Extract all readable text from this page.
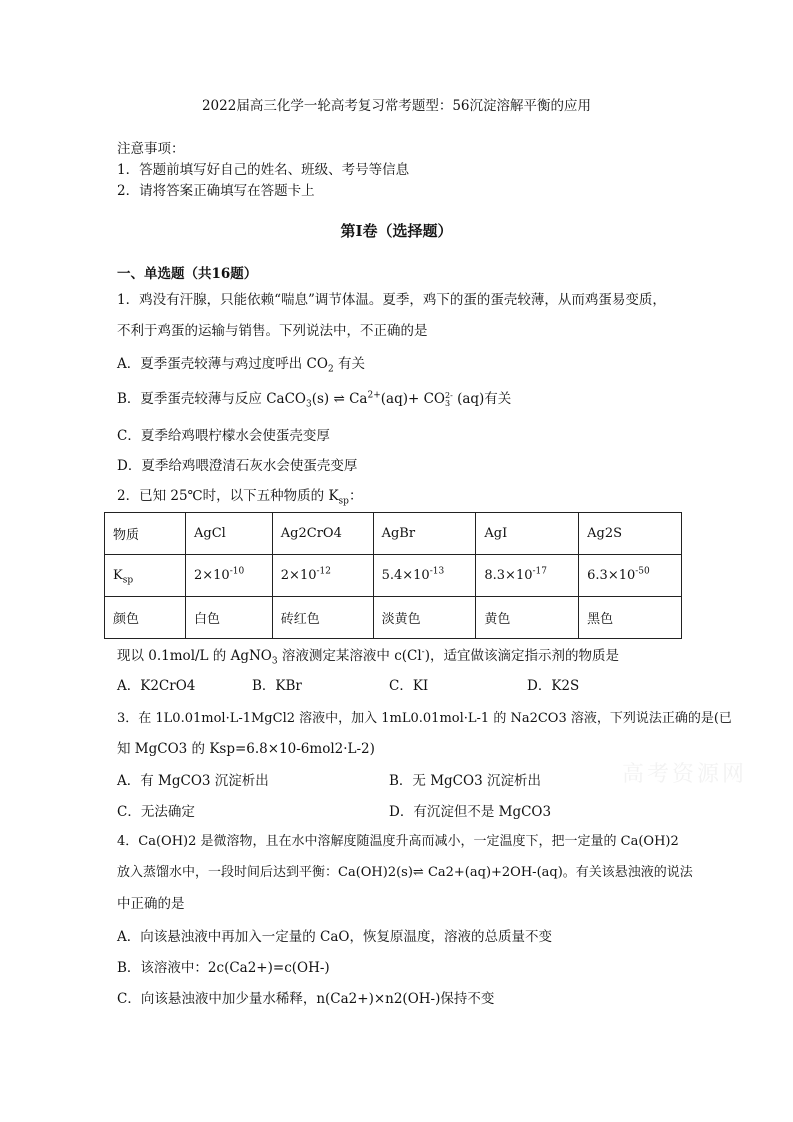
2022届高三化学一轮高考复习常考题型：56沉淀溶解平衡的应用
注意事项：
1．答题前填写好自己的姓名、班级、考号等信息
2．请将答案正确填写在答题卡上
第I卷（选择题）
一、单选题（共16题）
1．鸡没有汗腺，只能依赖“喘息”调节体温。夏季，鸡下的蛋的蛋壳较薄，从而鸡蛋易变质，
不利于鸡蛋的运输与销售。下列说法中，不正确的是
A．夏季蛋壳较薄与鸡过度呼出 $CO_2$ 有关
B．夏季蛋壳较薄与反应 CaCO$_3$(s) ⇌ $Ca^{2+}(aq)+ CO2-$
3 (aq)有关
C．夏季给鸡喂柠檬水会使蛋壳变厚
D．夏季给鸡喂澄清石灰水会使蛋壳变厚
2．已知 25℃时，以下五种物质的 $K_{sp}$：
物质	AgCl	Ag2CrO4	AgBr	AgI	Ag2S
$K_{sp}$	$2\times 10^{-10}$	$2\times 10^{-12}$	$5.4\times 10^{-13}$	$8.3\times 10^{-17}$	$6.3\times 10^{-50}$
颜色	白色	砖红色	淡黄色	黄色	黑色
现以 0.1mol/L 的 AgNO$_3$ 溶液测定某溶液中 c(Cl-)，适宜做该滴定指示剂的物质是
A．K2CrO4	B．KBr	C．KI	D．K2S
3．在 1L0.01mol·L-1MgCl2 溶液中，加入 1mL0.01mol·L-1 的 Na2CO3 溶液，下列说法正确的是(已
知 MgCO3 的 Ksp=6.8×10-6mol2·L-2)
A．有 MgCO3 沉淀析出	B．无 MgCO3 沉淀析出
C．无法确定	D．有沉淀但不是 MgCO3
高考资源网
4．Ca(OH)2 是微溶物，且在水中溶解度随温度升高而减小，一定温度下，把一定量的 Ca(OH)2
放入蒸馏水中，一段时间后达到平衡：Ca(OH)2(s)⇌ Ca2+(aq)+2OH-(aq)。有关该悬浊液的说法
中正确的是
A．向该悬浊液中再加入一定量的 CaO，恢复原温度，溶液的总质量不变
B．该溶液中：2c(Ca2+)=c(OH-)
C．向该悬浊液中加少量水稀释，n(Ca2+)×n2(OH-)保持不变
